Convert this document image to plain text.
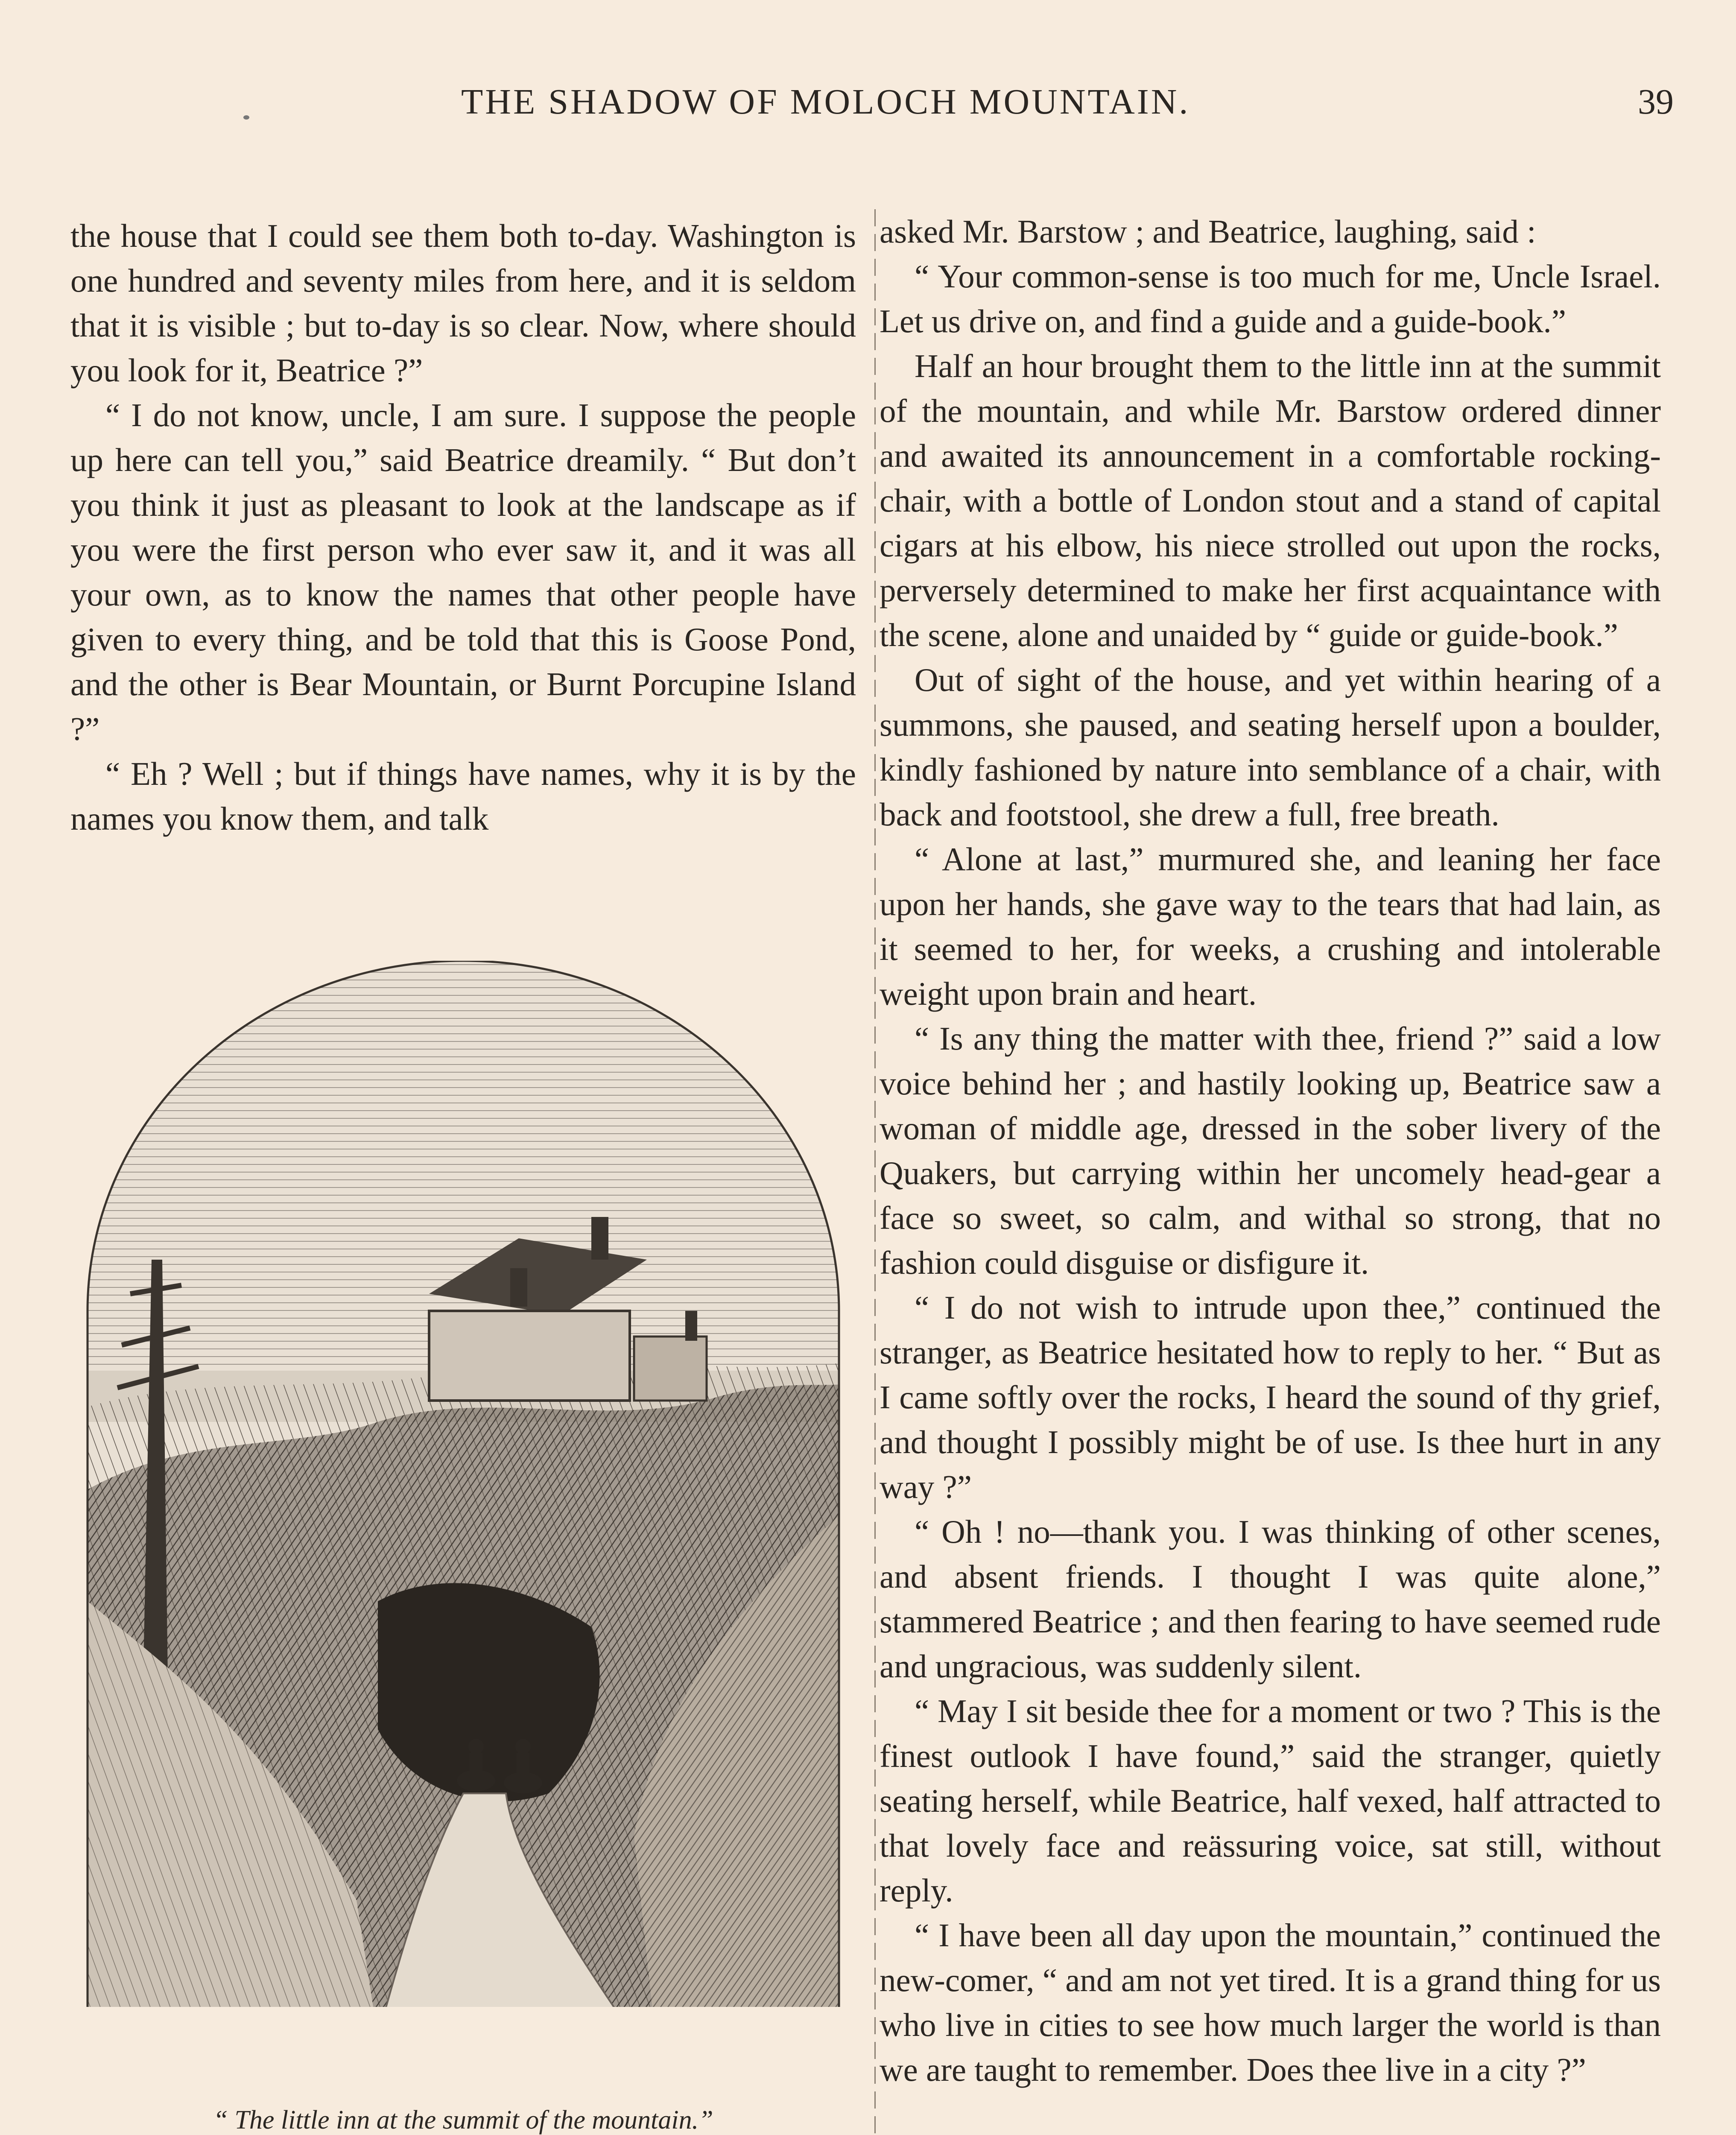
THE SHADOW OF MOLOCH MOUNTAIN.	39

the house that I could see them both to-day. Washington is one hundred and seventy miles from here, and it is seldom that it is visible ; but to-day is so clear. Now, where should you look for it, Beatrice ?”

“ I do not know, uncle, I am sure. I suppose the people up here can tell you,” said Beatrice dreamily. “ But don’t you think it just as pleasant to look at the landscape as if you were the first person who ever saw it, and it was all your own, as to know the names that other people have given to every thing, and be told that this is Goose Pond, and the other is Bear Mountain, or Burnt Porcupine Island ?”

“ Eh ? Well ; but if things have names, why it is by the names you know them, and talk

“ The little inn at the summit of the mountain.”

asked Mr. Barstow ; and Beatrice, laughing, said :

“ Your common-sense is too much for me, Uncle Israel. Let us drive on, and find a guide and a guide-book.”

Half an hour brought them to the little inn at the summit of the mountain, and while Mr. Barstow ordered dinner and awaited its announcement in a comfortable rocking-chair, with a bottle of London stout and a stand of capital cigars at his elbow, his niece strolled out upon the rocks, perversely determined to make her first acquaintance with the scene, alone and unaided by “ guide or guide-book.”

Out of sight of the house, and yet within hearing of a summons, she paused, and seating herself upon a boulder, kindly fashioned by nature into semblance of a chair, with back and footstool, she drew a full, free breath.

“ Alone at last,” murmured she, and leaning her face upon her hands, she gave way to the tears that had lain, as it seemed to her, for weeks, a crushing and intolerable weight upon brain and heart.

“ Is any thing the matter with thee, friend ?” said a low voice behind her ; and hastily looking up, Beatrice saw a woman of middle age, dressed in the sober livery of the Quakers, but carrying within her uncomely head-gear a face so sweet, so calm, and withal so strong, that no fashion could disguise or disfigure it.

“ I do not wish to intrude upon thee,” continued the stranger, as Beatrice hesitated how to reply to her. “ But as I came softly over the rocks, I heard the sound of thy grief, and thought I possibly might be of use. Is thee hurt in any way ?”

“ Oh ! no—thank you. I was thinking of other scenes, and absent friends. I thought I was quite alone,” stammered Beatrice ; and then fearing to have seemed rude and ungracious, was suddenly silent.

“ May I sit beside thee for a moment or two ? This is the finest outlook I have found,” said the stranger, quietly seating herself, while Beatrice, half vexed, half attracted to that lovely face and reässuring voice, sat still, without reply.

“ I have been all day upon the mountain,” continued the new-comer, “ and am not yet tired. It is a grand thing for us who live in cities to see how much larger the world is than we are taught to remember. Does thee live in a city ?”
